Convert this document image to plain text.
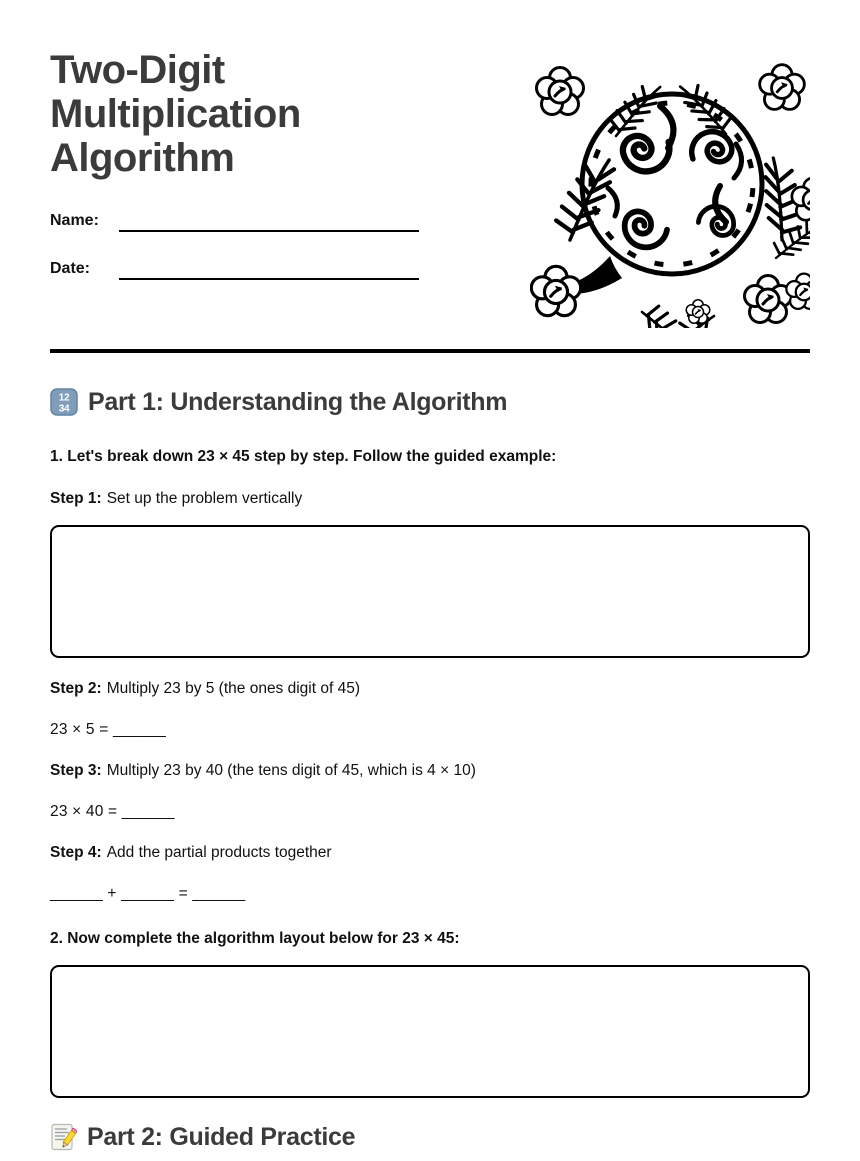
Two-Digit Multiplication Algorithm
Name:
Date:
12
34 Part 1: Understanding the Algorithm

1. Let's break down 23 × 45 step by step. Follow the guided example:

Step 1: Set up the problem vertically

Step 2: Multiply 23 by 5 (the ones digit of 45)

23 × 5 = ______

Step 3: Multiply 23 by 40 (the tens digit of 45, which is 4 × 10)

23 × 40 = ______

Step 4: Add the partial products together

______ + ______ = ______

2. Now complete the algorithm layout below for 23 × 45:

Part 2: Guided Practice
